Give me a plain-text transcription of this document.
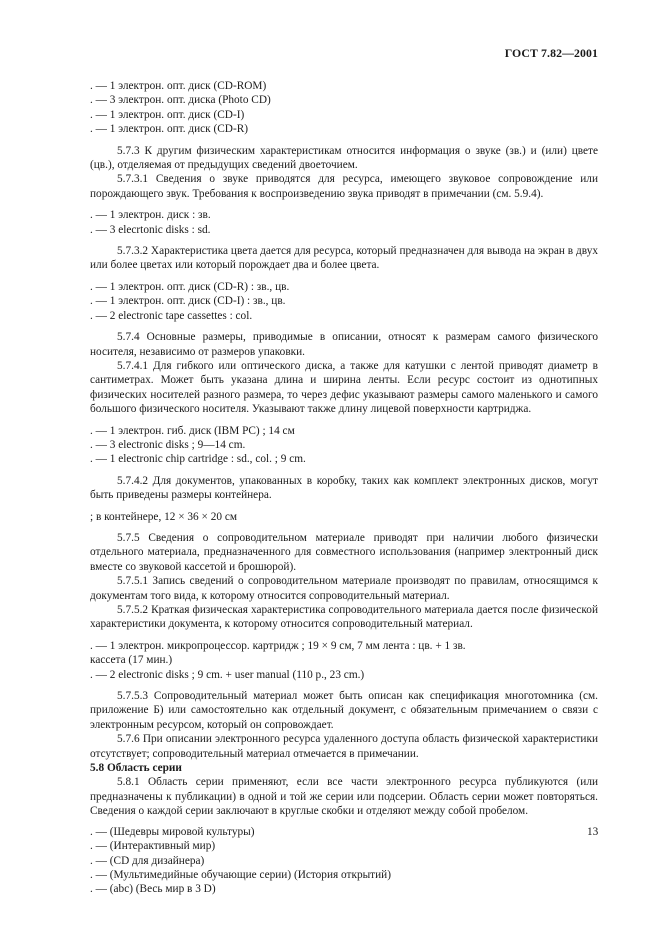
ГОСТ 7.82—2001

. — 1 электрон. опт. диск (CD-ROM)

. — 3 электрон. опт. диска (Photo CD)

. — 1 электрон. опт. диск (CD-I)

. — 1 электрон. опт. диск (CD-R)

5.7.3 К другим физическим характеристикам относится информация о звуке (зв.) и (или) цвете (цв.), отделяемая от предыдущих сведений двоеточием.

5.7.3.1 Сведения о звуке приводятся для ресурса, имеющего звуковое сопровождение или порождающего звук. Требования к воспроизведению звука приводят в примечании (см. 5.9.4).

. — 1 электрон. диск : зв.

. — 3 elecrtonic disks : sd.

5.7.3.2 Характеристика цвета дается для ресурса, который предназначен для вывода на экран в двух или более цветах или который порождает два и более цвета.

. — 1 электрон. опт. диск (CD-R) : зв., цв.

. — 1 электрон. опт. диск (CD-I) : зв., цв.

. — 2 electronic tape cassettes : col.

5.7.4 Основные размеры, приводимые в описании, относят к размерам самого физического носителя, независимо от размеров упаковки.

5.7.4.1 Для гибкого или оптического диска, а также для катушки с лентой приводят диаметр в сантиметрах. Может быть указана длина и ширина ленты. Если ресурс состоит из однотипных физических носителей разного размера, то через дефис указывают размеры самого маленького и самого большого физического носителя. Указывают также длину лицевой поверхности картриджа.

. — 1 электрон. гиб. диск (IBM PC) ; 14 см

. — 3 electronic disks ; 9—14 cm.

. — 1 electronic chip cartridge : sd., col. ; 9 cm.

5.7.4.2 Для документов, упакованных в коробку, таких как комплект электронных дисков, могут быть приведены размеры контейнера.

; в контейнере, 12 × 36 × 20 см

5.7.5 Сведения о сопроводительном материале приводят при наличии любого физически отдельного материала, предназначенного для совместного использования (например электронный диск вместе со звуковой кассетой и брошюрой).

5.7.5.1 Запись сведений о сопроводительном материале производят по правилам, относящимся к документам того вида, к которому относится сопроводительный материал.

5.7.5.2 Краткая физическая характеристика сопроводительного материала дается после физической характеристики документа, к которому относится сопроводительный материал.

. — 1 электрон. микропроцессор. картридж ; 19 × 9 см, 7 мм лента : цв. + 1 зв.

кассета (17 мин.)

. — 2 electronic disks ; 9 cm. + user manual (110 p., 23 cm.)

5.7.5.3 Сопроводительный материал может быть описан как спецификация многотомника (см. приложение Б) или самостоятельно как отдельный документ, с обязательным примечанием о связи с электронным ресурсом, который он сопровождает.

5.7.6 При описании электронного ресурса удаленного доступа область физической характеристики отсутствует; сопроводительный материал отмечается в примечании.

5.8 Область серии

5.8.1 Область серии применяют, если все части электронного ресурса публикуются (или предназначены к публикации) в одной и той же серии или подсерии. Область серии может повторяться. Сведения о каждой серии заключают в круглые скобки и отделяют между собой пробелом.

. — (Шедевры мировой культуры)

. — (Интерактивный мир)

. — (CD для дизайнера)

. — (Мультимедийные обучающие серии) (История открытий)

. — (abc) (Весь мир в 3 D)

13
